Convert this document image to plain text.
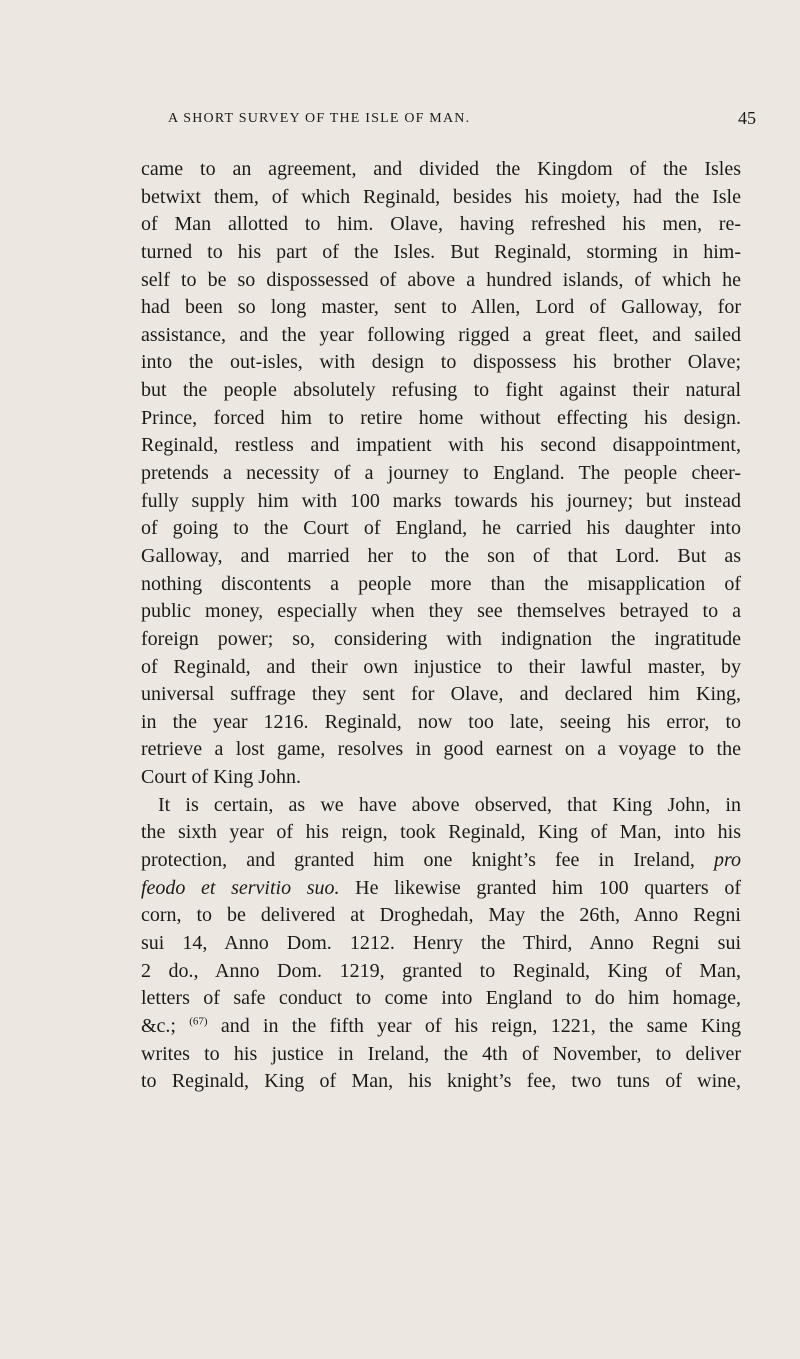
A SHORT SURVEY OF THE ISLE OF MAN.	45
came to an agreement, and divided the Kingdom of the Isles
betwixt them, of which Reginald, besides his moiety, had the Isle
of Man allotted to him. Olave, having refreshed his men, re-
turned to his part of the Isles. But Reginald, storming in him-
self to be so dispossessed of above a hundred islands, of which he
had been so long master, sent to Allen, Lord of Galloway, for
assistance, and the year following rigged a great fleet, and sailed
into the out-isles, with design to dispossess his brother Olave;
but the people absolutely refusing to fight against their natural
Prince, forced him to retire home without effecting his design.
Reginald, restless and impatient with his second disappointment,
pretends a necessity of a journey to England. The people cheer-
fully supply him with 100 marks towards his journey; but instead
of going to the Court of England, he carried his daughter into
Galloway, and married her to the son of that Lord. But as
nothing discontents a people more than the misapplication of
public money, especially when they see themselves betrayed to a
foreign power; so, considering with indignation the ingratitude
of Reginald, and their own injustice to their lawful master, by
universal suffrage they sent for Olave, and declared him King,
in the year 1216. Reginald, now too late, seeing his error, to
retrieve a lost game, resolves in good earnest on a voyage to the
Court of King John.
It is certain, as we have above observed, that King John, in
the sixth year of his reign, took Reginald, King of Man, into his
protection, and granted him one knight’s fee in Ireland, pro
feodo et servitio suo. He likewise granted him 100 quarters of
corn, to be delivered at Droghedah, May the 26th, Anno Regni
sui 14, Anno Dom. 1212. Henry the Third, Anno Regni sui
2 do., Anno Dom. 1219, granted to Reginald, King of Man,
letters of safe conduct to come into England to do him homage,
&c.; $^{(67)}$ and in the fifth year of his reign, 1221, the same King
writes to his justice in Ireland, the 4th of November, to deliver
to Reginald, King of Man, his knight’s fee, two tuns of wine,
